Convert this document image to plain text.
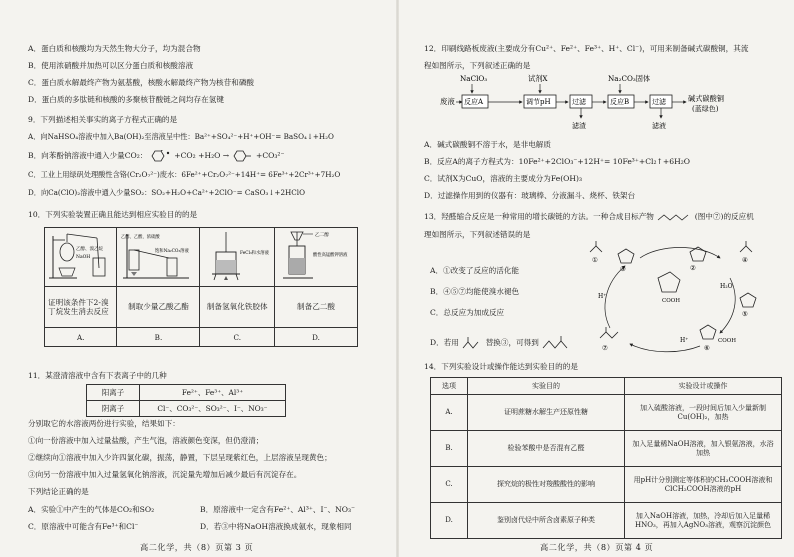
A．蛋白质和核酸均为天然生物大分子，均为混合物
B．使用浓硝酸并加热可以区分蛋白质和核酸溶液
C．蛋白质水解最终产物为氨基酸，核酸水解最终产物为核苷和磷酸
D．蛋白质的多肽链和核酸的多聚核苷酸链之间均存在氢键
9．下列描述相关事实的离子方程式正确的是
A．向NaHSO₄溶液中加入Ba(OH)₂至溶液呈中性：Ba²⁺+SO₄²⁻+H⁺+OH⁻= BaSO₄↓+H₂O
B．向苯酚钠溶液中通入少量CO₂：	+CO₂ +H₂O →	+CO₃²⁻
C．工业上用绿矾处理酸性含铬(Cr₂O₇²⁻)废水：6Fe²⁺+Cr₂O₇²⁻+14H⁺= 6Fe³⁺+2Cr³⁺+7H₂O
D．向Ca(ClO)₂溶液中通入少量SO₂：SO₂+H₂O+Ca²⁺+2ClO⁻= CaSO₃↓+2HClO
10．下列实验装置正确且能达到相应实验目的的是
乙醇、溴乙烷
NaOH	乙醇、乙酸、浓硫酸
饱和Na₂CO₃溶液	FeCl₃和水溶液	乙二醇
酸性高锰酸钾溶液

证明该条件下2-溴丁烷发生消去反应	制取少量乙酸乙酯	制备氢氧化铁胶体	制备乙二酸
A.	B.	C.	D.
11．某澄清溶液中含有下表离子中的几种
阳离子	Fe²⁺、Fe³⁺、Al³⁺
阴离子	Cl⁻、CO₃²⁻、SO₃²⁻、I⁻、NO₃⁻
分别取它的水溶液两份进行实验，结果如下：
①向一份溶液中加入过量盐酸，产生气泡，溶液颜色变深，但仍澄清；
②继续向①溶液中加入少许四氯化碳，振荡，静置，下层呈现紫红色，上层溶液呈现黄色；
③向另一份溶液中加入过量氢氧化钠溶液，沉淀量先增加后减少最后有沉淀存在。
下列结论正确的是
A．实验①中产生的气体是CO₂和SO₂	B．原溶液中一定含有Fe²⁺、Al³⁺、I⁻、NO₃⁻
C．原溶液中可能含有Fe³⁺和Cl⁻	D．若③中将NaOH溶液换成氨水，现象相同
高二化学，共（8）页第 3 页
12．印刷线路板废液(主要成分有Cu²⁺、Fe²⁺、Fe³⁺、H⁺、Cl⁻)，可用来制备碱式碳酸铜，其流
程如图所示，下列叙述正确的是
NaClO₃	试剂X	Na₂CO₃固体
废液 反应A	调节pH	过滤	反应B	过滤	碱式碳酸铜
(蓝绿色)
滤渣	滤液
A．碱式碳酸铜不溶于水，是非电解质
B．反应A的离子方程式为：10Fe²⁺+2ClO₃⁻+12H⁺= 10Fe³⁺+Cl₂↑+6H₂O
C．试剂X为CuO，溶液的主要成分为Fe(OH)₃
D．过滤操作用到的仪器有：玻璃棒、分液漏斗、烧杯、铁架台
13．羟醛缩合反应是一种常用的增长碳链的方法。一种合成目标产物	(图中⑦)的反应机
理如图所示，下列叙述错误的是
A．①改变了反应的活化能
B．④⑤⑦均能使溴水褪色
C．总反应为加成反应
D．若用	替换③，可得到
COOH
①
③	②
④
H₂O
⑤
H⁺	COOH
⑥
⑦
H⁺
14．下列实验设计或操作能达到实验目的的是
选项	实验目的	实验设计或操作
A.	证明蔗糖水解生产还原性糖	加入硫酸溶液，一段时间后加入少量新制
Cu(OH)₂，加热

B.	检验苯酸中是否混有乙醛	加入足量稀NaOH溶液，加入银氨溶液，水浴
加热

C.	探究烷的极性对羧酸酸性的影响	用pH计分别测定等体积的CH₃COOH溶液和
ClCH₂COOH溶液的pH

D.	鉴别卤代烃中所含卤素原子种类	加入NaOH溶液，加热，冷却后加入足量稀
HNO₃，再加入AgNO₃溶液，观察沉淀颜色
高二化学，共（8）页第 4 页
